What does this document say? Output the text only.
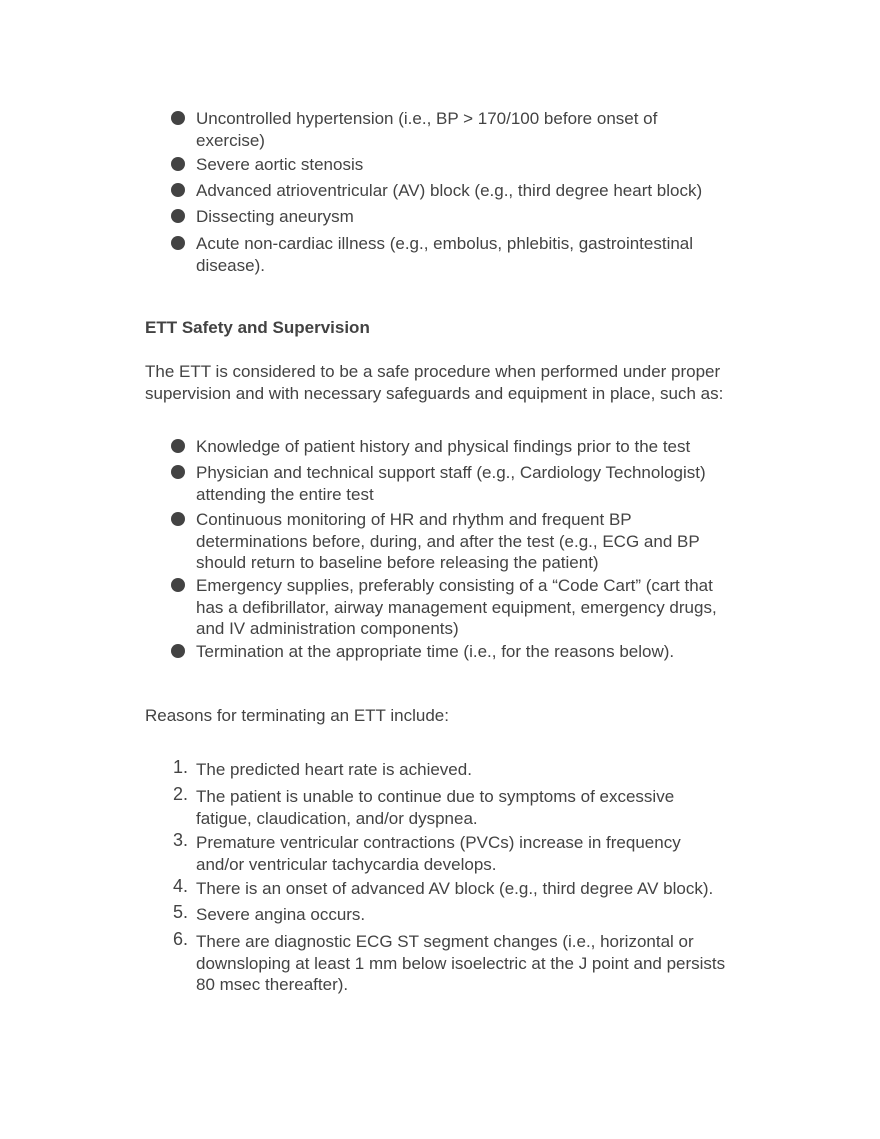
Uncontrolled hypertension (i.e., BP > 170/100 before onset of exercise)
Severe aortic stenosis
Advanced atrioventricular (AV) block (e.g., third degree heart block)
Dissecting aneurysm
Acute non-cardiac illness (e.g., embolus, phlebitis, gastrointestinal disease).
ETT Safety and Supervision
The ETT is considered to be a safe procedure when performed under proper supervision and with necessary safeguards and equipment in place, such as:
Knowledge of patient history and physical findings prior to the test
Physician and technical support staff (e.g., Cardiology Technologist) attending the entire test
Continuous monitoring of HR and rhythm and frequent BP determinations before, during, and after the test (e.g., ECG and BP should return to baseline before releasing the patient)
Emergency supplies, preferably consisting of a “Code Cart” (cart that has a defibrillator, airway management equipment, emergency drugs, and IV administration components)
Termination at the appropriate time (i.e., for the reasons below).
Reasons for terminating an ETT include:
1. The predicted heart rate is achieved.
2. The patient is unable to continue due to symptoms of excessive fatigue, claudication, and/or dyspnea.
3. Premature ventricular contractions (PVCs) increase in frequency and/or ventricular tachycardia develops.
4. There is an onset of advanced AV block (e.g., third degree AV block).
5. Severe angina occurs.
6. There are diagnostic ECG ST segment changes (i.e., horizontal or downsloping at least 1 mm below isoelectric at the J point and persists 80 msec thereafter).
